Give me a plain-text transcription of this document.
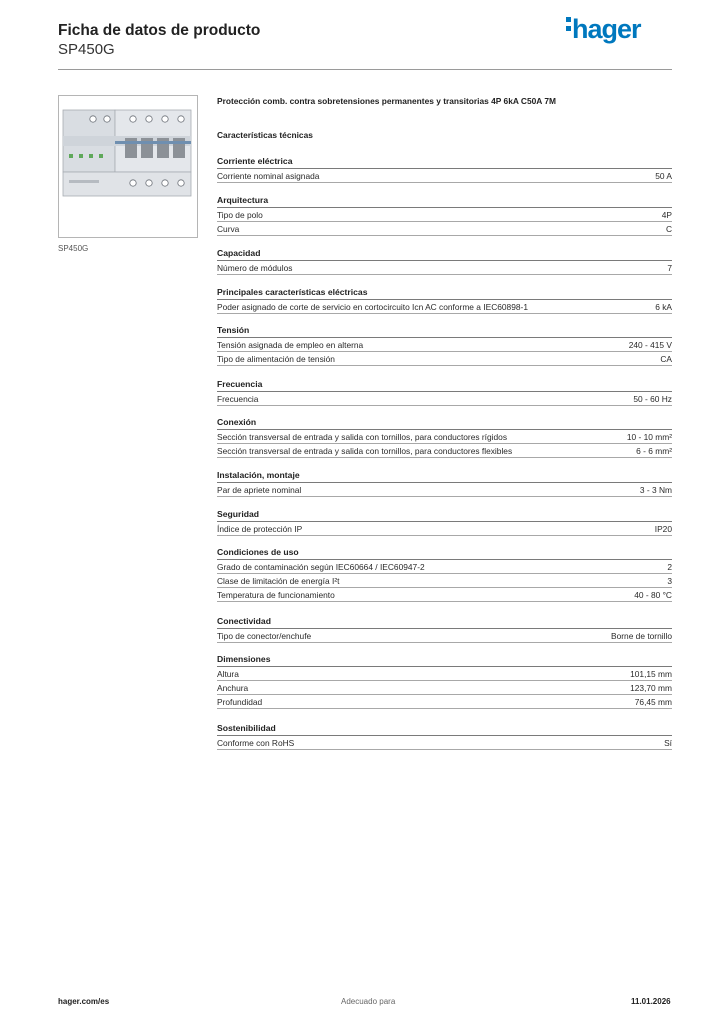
Ficha de datos de producto
SP450G
hager
SP450G
Protección comb. contra sobretensiones permanentes y transitorias 4P 6kA C50A 7M
Características técnicas
Corriente eléctrica
Corriente nominal asignada	50 A
Arquitectura
Tipo de polo	4P
Curva	C
Capacidad
Número de módulos	7
Principales características eléctricas
Poder asignado de corte de servicio en cortocircuito Icn AC conforme a IEC60898-1	6 kA
Tensión
Tensión asignada de empleo en alterna	240 - 415 V
Tipo de alimentación de tensión	CA
Frecuencia
Frecuencia	50 - 60 Hz
Conexión
Sección transversal de entrada y salida con tornillos, para conductores rígidos	10 - 10 mm²
Sección transversal de entrada y salida con tornillos, para conductores flexibles	6 - 6 mm²
Instalación, montaje
Par de apriete nominal	3 - 3 Nm
Seguridad
Índice de protección IP	IP20
Condiciones de uso
Grado de contaminación según IEC60664 / IEC60947-2	2
Clase de limitación de energía I²t	3
Temperatura de funcionamiento	40 - 80 °C
Conectividad
Tipo de conector/enchufe	Borne de tornillo
Dimensiones
Altura	101,15 mm
Anchura	123,70 mm
Profundidad	76,45 mm
Sostenibilidad
Conforme con RoHS	Sí
hager.com/es	Adecuado para	11.01.2026
